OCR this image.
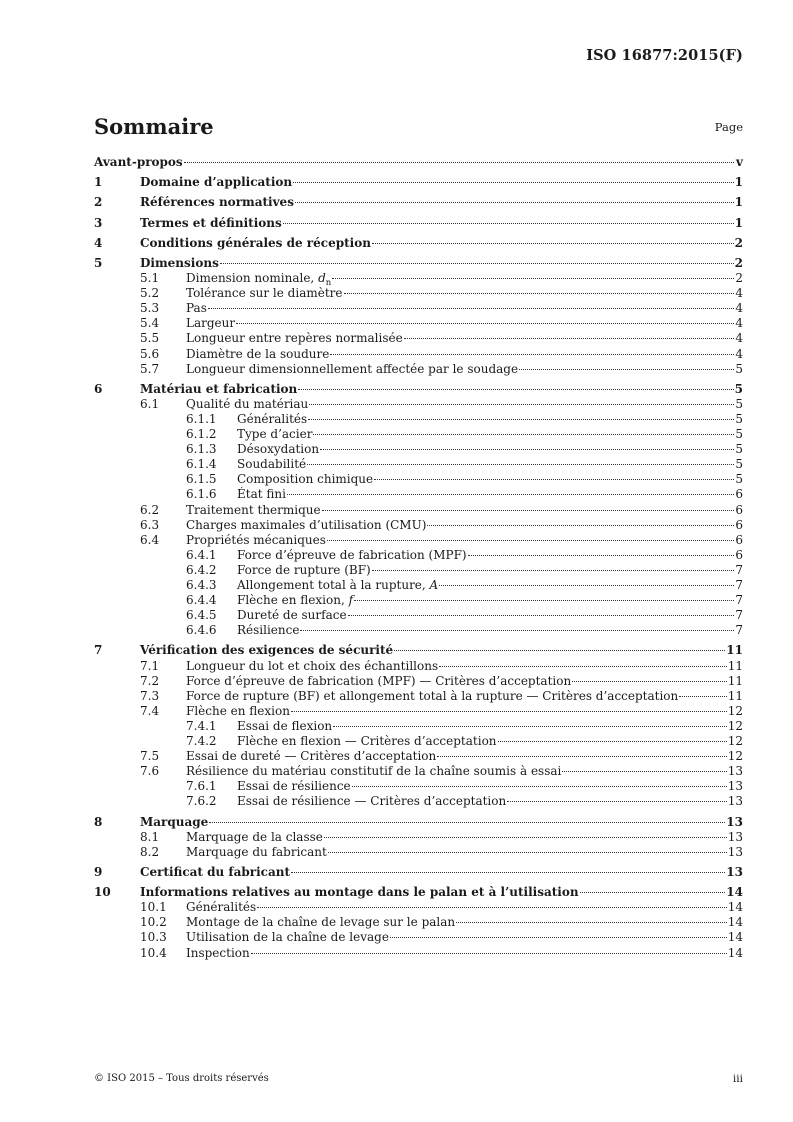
ISO 16877:2015(F)
Sommaire	Page
Avant-propos	v
1	Domaine d’application	1
2	Références normatives	1
3	Termes et définitions	1
4	Conditions générales de réception	2
5	Dimensions	2
5.1 Dimension nominale, $d_n$	2
5.2 Tolérance sur le diamètre	4
5.3 Pas	4
5.4 Largeur	4
5.5 Longueur entre repères normalisée	4
5.6 Diamètre de la soudure	4
5.7 Longueur dimensionnellement affectée par le soudage	5
6	Matériau et fabrication	5
6.1 Qualité du matériau	5
6.1.1 Généralités	5
6.1.2 Type d’acier	5
6.1.3 Désoxydation	5
6.1.4 Soudabilité	5
6.1.5 Composition chimique	5
6.1.6 État fini	6
6.2 Traitement thermique	6
6.3 Charges maximales d’utilisation (CMU)	6
6.4 Propriétés mécaniques	6
6.4.1 Force d’épreuve de fabrication (MPF)	6
6.4.2 Force de rupture (BF)	7
6.4.3 Allongement total à la rupture, A	7
6.4.4 Flèche en flexion, f	7
6.4.5 Dureté de surface	7
6.4.6 Résilience	7
7	Vérification des exigences de sécurité	11
7.1 Longueur du lot et choix des échantillons	11
7.2 Force d’épreuve de fabrication (MPF) — Critères d’acceptation	11
7.3 Force de rupture (BF) et allongement total à la rupture — Critères d’acceptation	11
7.4 Flèche en flexion	12
7.4.1 Essai de flexion	12
7.4.2 Flèche en flexion — Critères d’acceptation	12
7.5 Essai de dureté — Critères d’acceptation	12
7.6 Résilience du matériau constitutif de la chaîne soumis à essai	13
7.6.1 Essai de résilience	13
7.6.2 Essai de résilience — Critères d’acceptation	13
8	Marquage	13
8.1 Marquage de la classe	13
8.2 Marquage du fabricant	13
9	Certificat du fabricant	13
10	Informations relatives au montage dans le palan et à l’utilisation	14
10.1 Généralités	14
10.2 Montage de la chaîne de levage sur le palan	14
10.3 Utilisation de la chaîne de levage	14
10.4 Inspection	14
© ISO 2015 – Tous droits réservés	iii
